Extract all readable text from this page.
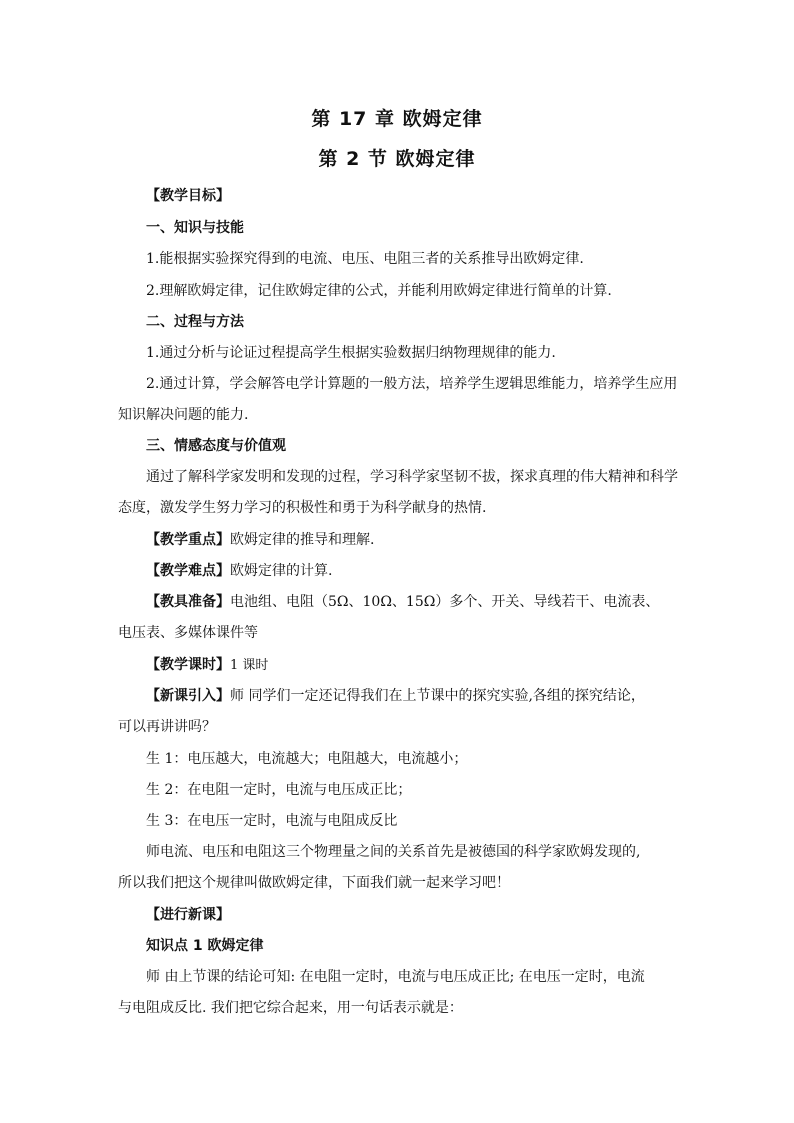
第 17 章 欧姆定律
第 2 节 欧姆定律
【教学目标】
一、知识与技能
1.能根据实验探究得到的电流、电压、电阻三者的关系推导出欧姆定律.
2.理解欧姆定律，记住欧姆定律的公式，并能利用欧姆定律进行简单的计算.
二、过程与方法
1.通过分析与论证过程提高学生根据实验数据归纳物理规律的能力.
2.通过计算，学会解答电学计算题的一般方法，培养学生逻辑思维能力，培养学生应用
知识解决问题的能力.
三、情感态度与价值观
通过了解科学家发明和发现的过程，学习科学家坚韧不拔，探求真理的伟大精神和科学
态度，激发学生努力学习的积极性和勇于为科学献身的热情.
【教学重点】欧姆定律的推导和理解.
【教学难点】欧姆定律的计算.
【教具准备】电池组、电阻（5Ω、10Ω、15Ω）多个、开关、导线若干、电流表、
电压表、多媒体课件等
【教学课时】1 课时
【新课引入】师 同学们一定还记得我们在上节课中的探究实验,各组的探究结论，
可以再讲讲吗？
生 1：电压越大，电流越大；电阻越大，电流越小；
生 2：在电阻一定时，电流与电压成正比；
生 3：在电压一定时，电流与电阻成反比
师电流、电压和电阻这三个物理量之间的关系首先是被德国的科学家欧姆发现的,
所以我们把这个规律叫做欧姆定律，下面我们就一起来学习吧！
【进行新课】
知识点 1 欧姆定律
师 由上节课的结论可知: 在电阻一定时，电流与电压成正比; 在电压一定时，电流
与电阻成反比. 我们把它综合起来，用一句话表示就是：
